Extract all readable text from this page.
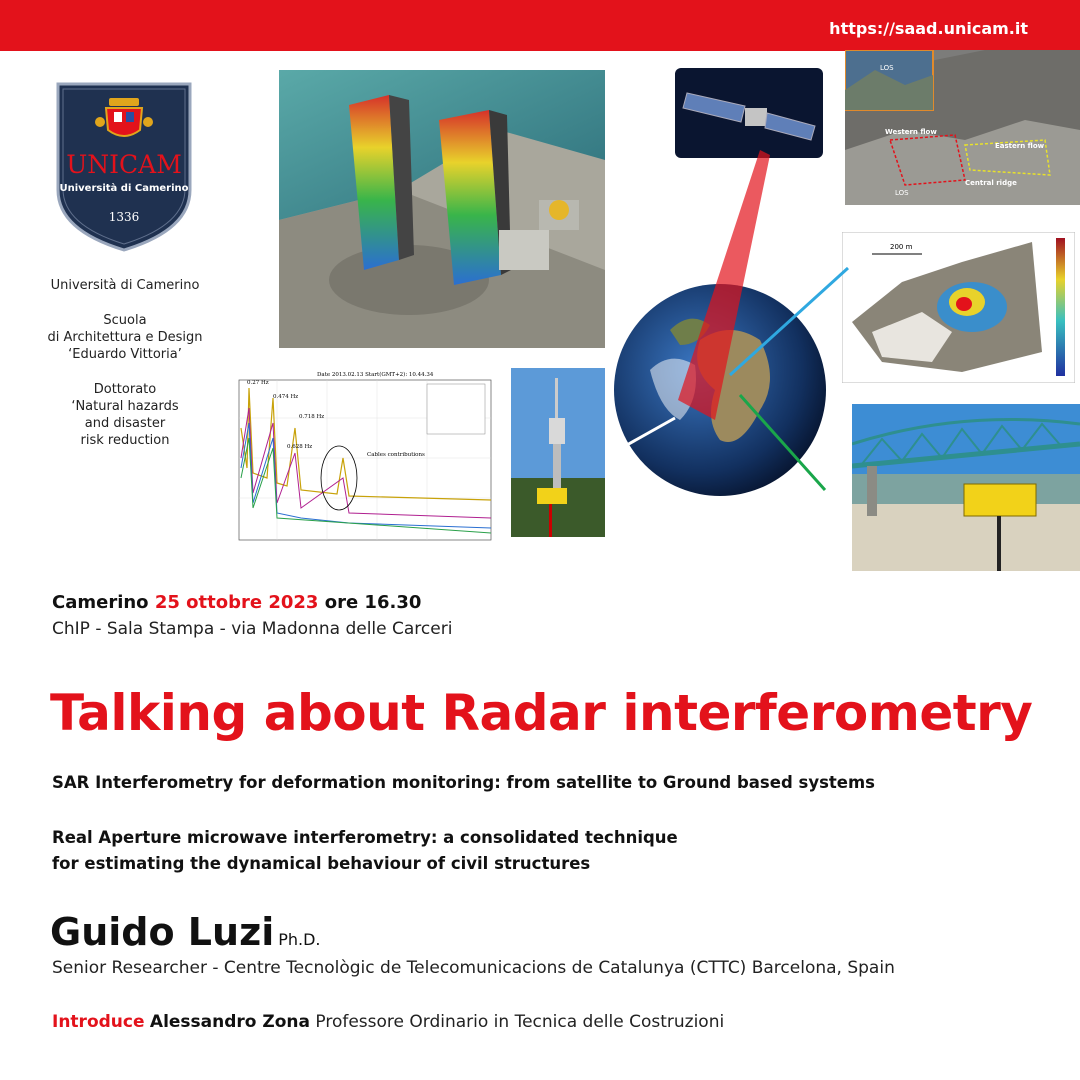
https://saad.unicam.it
UNICAM
Università di Camerino
1336
Università di Camerino
Scuola
di Architettura e Design
‘Eduardo Vittoria’
Dottorato
‘Natural hazards
and disaster
risk reduction
LOS
Western flow
Eastern flow
Central ridge
LOS
200 m
Date 2013.02.13 Start(GMT+2): 10.44.34
0.27 Hz
0.474 Hz
0.628 Hz
0.718 Hz
Cables contributions
Camerino 25 ottobre 2023 ore 16.30
ChIP - Sala Stampa - via Madonna delle Carceri
Talking about Radar interferometry
SAR Interferometry for deformation monitoring: from satellite to Ground based systems
Real Aperture microwave interferometry: a consolidated technique
for estimating the dynamical behaviour of civil structures
Guido Luzi Ph.D.
Senior Researcher - Centre Tecnològic de Telecomunicacions de Catalunya (CTTC) Barcelona, Spain
Introduce Alessandro Zona Professore Ordinario in Tecnica delle Costruzioni
